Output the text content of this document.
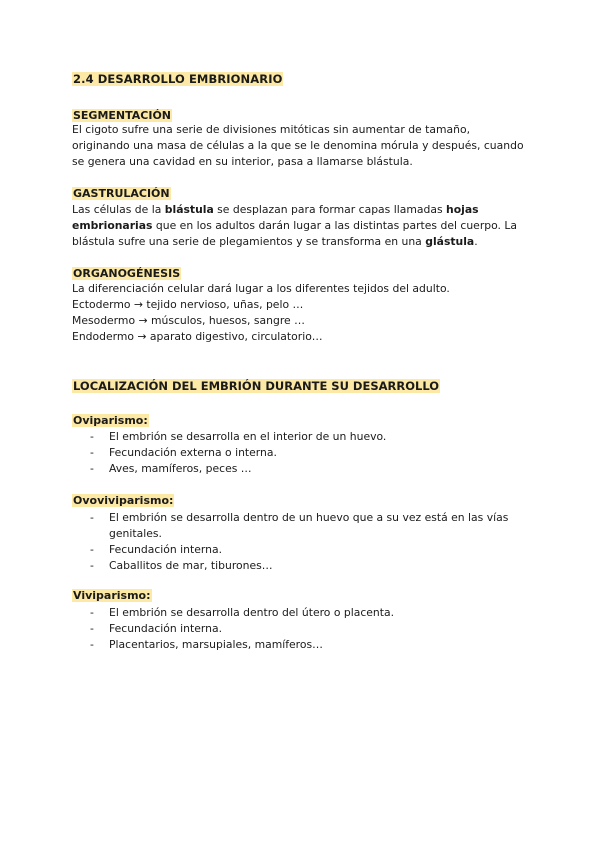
2.4 DESARROLLO EMBRIONARIO
SEGMENTACIÓN

El cigoto sufre una serie de divisiones mitóticas sin aumentar de tamaño, originando una masa de células a la que se le denomina mórula y después, cuando se genera una cavidad en su interior, pasa a llamarse blástula.

GASTRULACIÓN

Las células de la blástula se desplazan para formar capas llamadas hojas embrionarias que en los adultos darán lugar a las distintas partes del cuerpo. La blástula sufre una serie de plegamientos y se transforma en una glástula.

ORGANOGÉNESIS
La diferenciación celular dará lugar a los diferentes tejidos del adulto.
Ectodermo → tejido nervioso, uñas, pelo …
Mesodermo → músculos, huesos, sangre …
Endodermo → aparato digestivo, circulatorio…
LOCALIZACIÓN DEL EMBRIÓN DURANTE SU DESARROLLO
Oviparismo:
- El embrión se desarrolla en el interior de un huevo.
- Fecundación externa o interna.
- Aves, mamíferos, peces …
Ovoviviparismo:
- El embrión se desarrolla dentro de un huevo que a su vez está en las vías genitales.
- Fecundación interna.
- Caballitos de mar, tiburones…
Viviparismo:
- El embrión se desarrolla dentro del útero o placenta.
- Fecundación interna.
- Placentarios, marsupiales, mamíferos…
